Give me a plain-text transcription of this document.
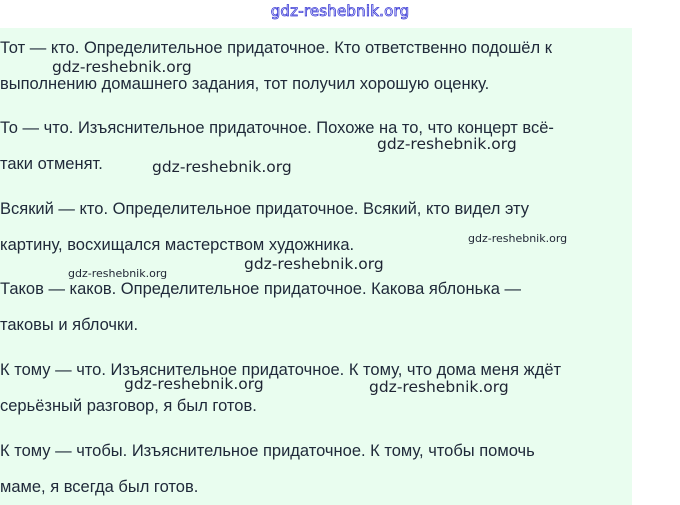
gdz-reshebnik.org

Тот — кто. Определительное придаточное. Кто ответственно подошёл к
выполнению домашнего задания, тот получил хорошую оценку.

То — что. Изъяснительное придаточное. Похоже на то, что концерт всё-
таки отменят.

Всякий — кто. Определительное придаточное. Всякий, кто видел эту
картину, восхищался мастерством художника.

Таков — каков. Определительное придаточное. Какова яблонька —
таковы и яблочки.

К тому — что. Изъяснительное придаточное. К тому, что дома меня ждёт
серьёзный разговор, я был готов.

К тому — чтобы. Изъяснительное придаточное. К тому, чтобы помочь
маме, я всегда был готов.

gdz-reshebnik.org
gdz-reshebnik.org
gdz-reshebnik.org
gdz-reshebnik.org
gdz-reshebnik.org
gdz-reshebnik.org
gdz-reshebnik.org	gdz-reshebnik.org
